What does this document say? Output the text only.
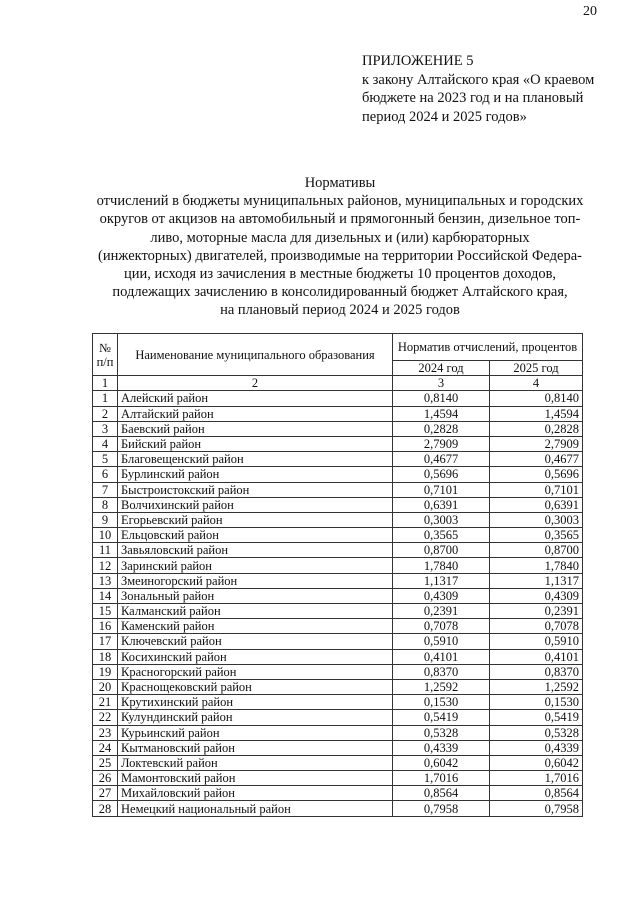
20
ПРИЛОЖЕНИЕ 5
к закону Алтайского края «О краевом
бюджете на 2023 год и на плановый
период 2024 и 2025 годов»
Нормативы
отчислений в бюджеты муниципальных районов, муниципальных и городских
округов от акцизов на автомобильный и прямогонный бензин, дизельное топ-
ливо, моторные масла для дизельных и (или) карбюраторных
(инжекторных) двигателей, производимые на территории Российской Федера-
ции, исходя из зачисления в местные бюджеты 10 процентов доходов,
подлежащих зачислению в консолидированный бюджет Алтайского края,
на плановый период 2024 и 2025 годов
№ п/п	Наименование муниципального образования	Норматив отчислений, процентов	
		2024 год	2025 год
1	2	3	4
1	Алейский район	0,8140	0,8140
2	Алтайский район	1,4594	1,4594
3	Баевский район	0,2828	0,2828
4	Бийский район	2,7909	2,7909
5	Благовещенский район	0,4677	0,4677
6	Бурлинский район	0,5696	0,5696
7	Быстроистокский район	0,7101	0,7101
8	Волчихинский район	0,6391	0,6391
9	Егорьевский район	0,3003	0,3003
10	Ельцовский район	0,3565	0,3565
11	Завьяловский район	0,8700	0,8700
12	Заринский район	1,7840	1,7840
13	Змеиногорский район	1,1317	1,1317
14	Зональный район	0,4309	0,4309
15	Калманский район	0,2391	0,2391
16	Каменский район	0,7078	0,7078
17	Ключевский район	0,5910	0,5910
18	Косихинский район	0,4101	0,4101
19	Красногорский район	0,8370	0,8370
20	Краснощековский район	1,2592	1,2592
21	Крутихинский район	0,1530	0,1530
22	Кулундинский район	0,5419	0,5419
23	Курьинский район	0,5328	0,5328
24	Кытмановский район	0,4339	0,4339
25	Локтевский район	0,6042	0,6042
26	Мамонтовский район	1,7016	1,7016
27	Михайловский район	0,8564	0,8564
28	Немецкий национальный район	0,7958	0,7958
